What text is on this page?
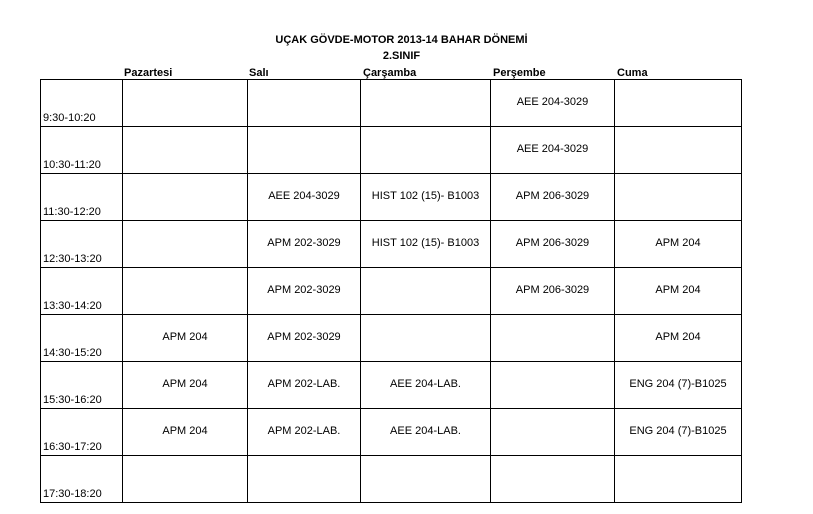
UÇAK GÖVDE-MOTOR 2013-14 BAHAR DÖNEMİ
2.SINIF
Pazartesi	Salı	Çarşamba	Perşembe	Cuma
9:30-10:20				AEE 204-3029	

10:30-11:20				AEE 204-3029	

11:30-12:20		AEE 204-3029	HIST 102 (15)- B1003	APM 206-3029	

12:30-13:20		APM 202-3029	HIST 102 (15)- B1003	APM 206-3029	APM 204

13:30-14:20		APM 202-3029		APM 206-3029	APM 204

14:30-15:20	APM 204	APM 202-3029			APM 204

15:30-16:20	APM 204	APM 202-LAB.	AEE 204-LAB.		ENG 204 (7)-B1025

16:30-17:20	APM 204	APM 202-LAB.	AEE 204-LAB.		ENG 204 (7)-B1025

17:30-18:20					
